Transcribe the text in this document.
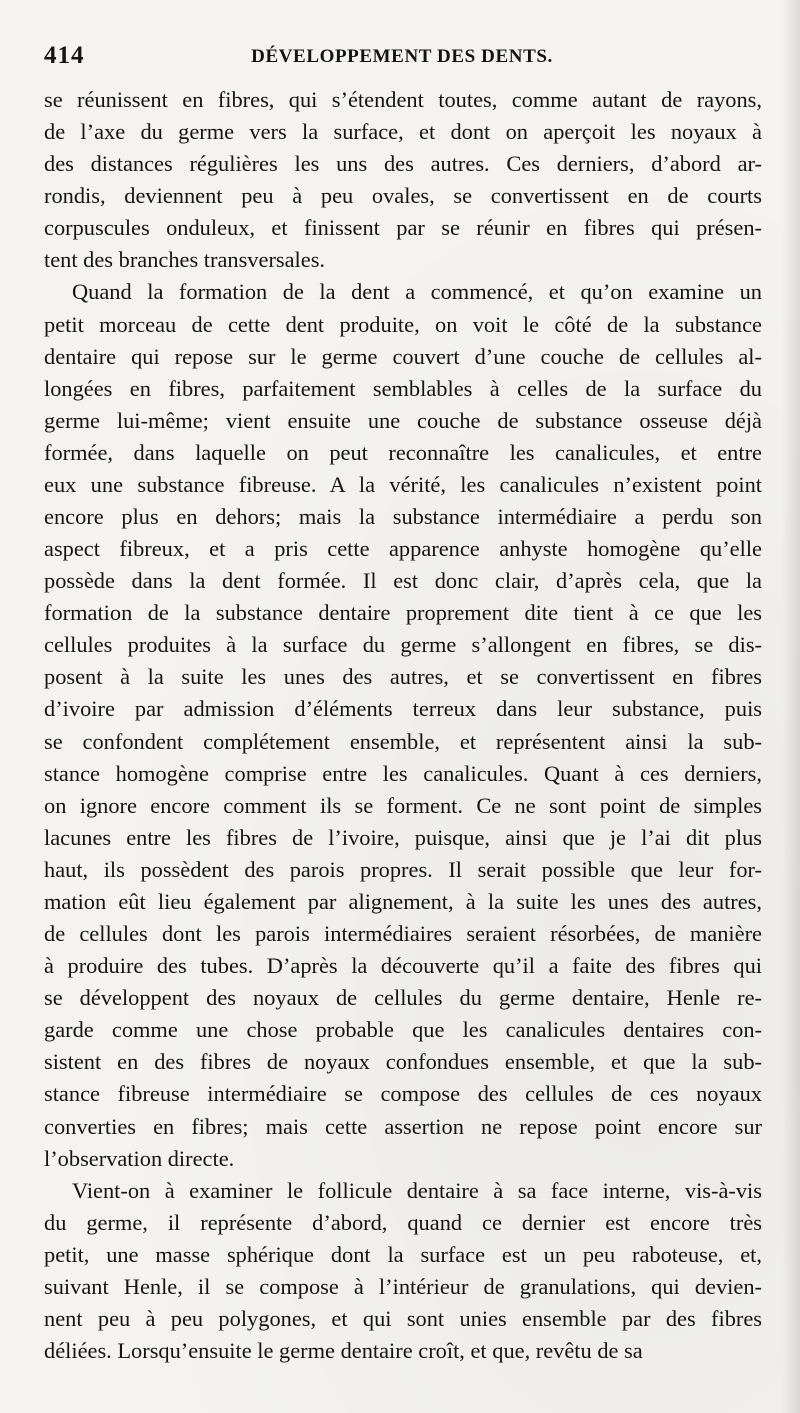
414	DÉVELOPPEMENT DES DENTS.
se réunissent en fibres, qui s’étendent toutes, comme autant de rayons,
de l’axe du germe vers la surface, et dont on aperçoit les noyaux à
des distances régulières les uns des autres. Ces derniers, d’abord ar-
rondis, deviennent peu à peu ovales, se convertissent en de courts
corpuscules onduleux, et finissent par se réunir en fibres qui présen-
tent des branches transversales.
Quand la formation de la dent a commencé, et qu’on examine un
petit morceau de cette dent produite, on voit le côté de la substance
dentaire qui repose sur le germe couvert d’une couche de cellules al-
longées en fibres, parfaitement semblables à celles de la surface du
germe lui-même; vient ensuite une couche de substance osseuse déjà
formée, dans laquelle on peut reconnaître les canalicules, et entre
eux une substance fibreuse. A la vérité, les canalicules n’existent point
encore plus en dehors; mais la substance intermédiaire a perdu son
aspect fibreux, et a pris cette apparence anhyste homogène qu’elle
possède dans la dent formée. Il est donc clair, d’après cela, que la
formation de la substance dentaire proprement dite tient à ce que les
cellules produites à la surface du germe s’allongent en fibres, se dis-
posent à la suite les unes des autres, et se convertissent en fibres
d’ivoire par admission d’éléments terreux dans leur substance, puis
se confondent complétement ensemble, et représentent ainsi la sub-
stance homogène comprise entre les canalicules. Quant à ces derniers,
on ignore encore comment ils se forment. Ce ne sont point de simples
lacunes entre les fibres de l’ivoire, puisque, ainsi que je l’ai dit plus
haut, ils possèdent des parois propres. Il serait possible que leur for-
mation eût lieu également par alignement, à la suite les unes des autres,
de cellules dont les parois intermédiaires seraient résorbées, de manière
à produire des tubes. D’après la découverte qu’il a faite des fibres qui
se développent des noyaux de cellules du germe dentaire, Henle re-
garde comme une chose probable que les canalicules dentaires con-
sistent en des fibres de noyaux confondues ensemble, et que la sub-
stance fibreuse intermédiaire se compose des cellules de ces noyaux
converties en fibres; mais cette assertion ne repose point encore sur
l’observation directe.
Vient-on à examiner le follicule dentaire à sa face interne, vis-à-vis
du germe, il représente d’abord, quand ce dernier est encore très
petit, une masse sphérique dont la surface est un peu raboteuse, et,
suivant Henle, il se compose à l’intérieur de granulations, qui devien-
nent peu à peu polygones, et qui sont unies ensemble par des fibres
déliées. Lorsqu’ensuite le germe dentaire croît, et que, revêtu de sa
